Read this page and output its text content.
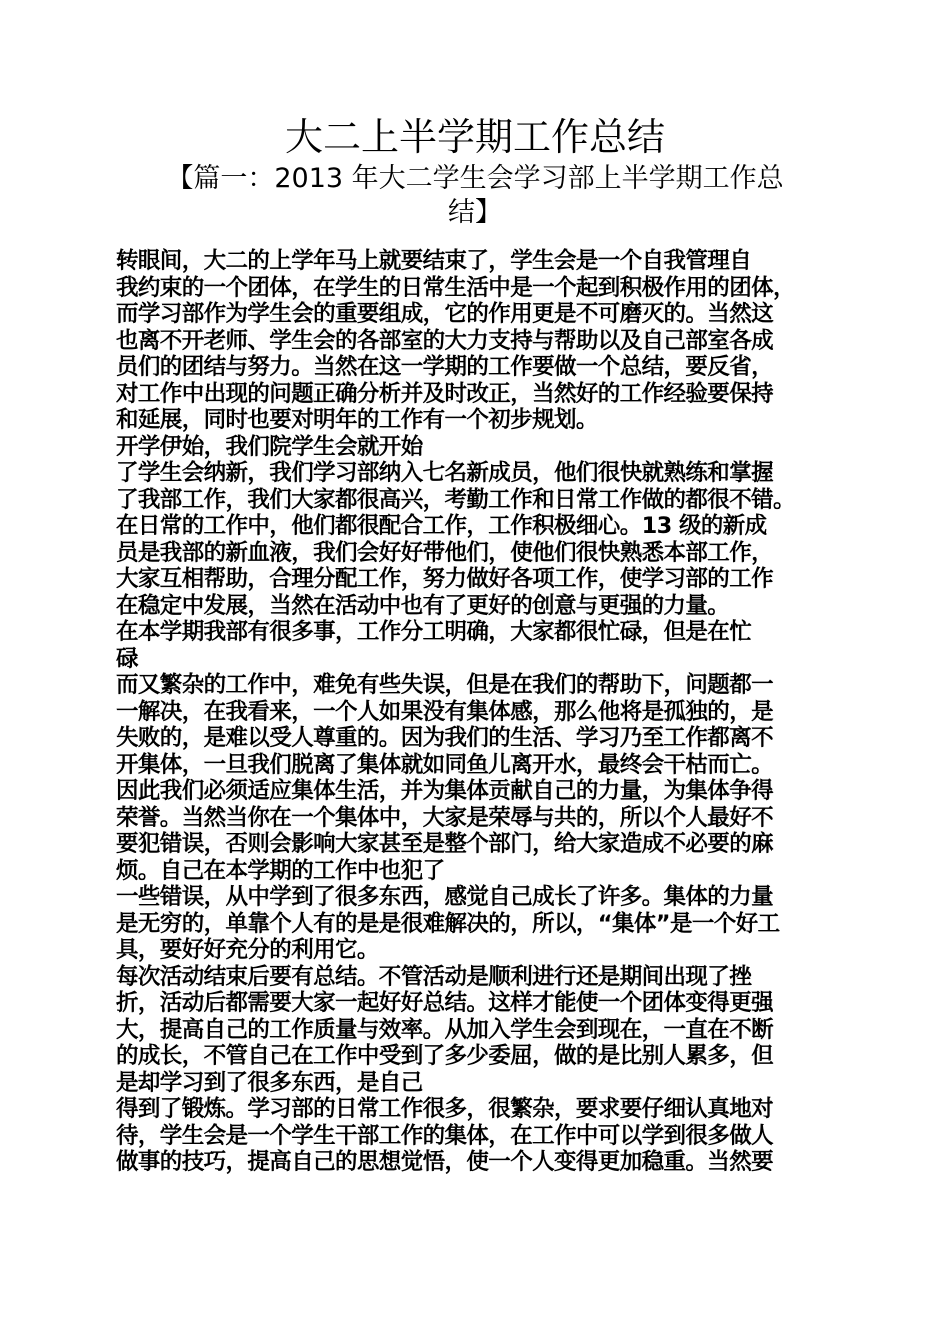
大二上半学期工作总结
【篇一：2013 年大二学生会学习部上半学期工作总
结】
转眼间，大二的上学年马上就要结束了，学生会是一个自我管理自
我约束的一个团体，在学生的日常生活中是一个起到积极作用的团体，
而学习部作为学生会的重要组成，它的作用更是不可磨灭的。当然这
也离不开老师、学生会的各部室的大力支持与帮助以及自己部室各成
员们的团结与努力。当然在这一学期的工作要做一个总结，要反省，
对工作中出现的问题正确分析并及时改正，当然好的工作经验要保持
和延展，同时也要对明年的工作有一个初步规划。
开学伊始，我们院学生会就开始
了学生会纳新，我们学习部纳入七名新成员，他们很快就熟练和掌握
了我部工作，我们大家都很高兴，考勤工作和日常工作做的都很不错。
在日常的工作中，他们都很配合工作，工作积极细心。13 级的新成
员是我部的新血液，我们会好好带他们，使他们很快熟悉本部工作，
大家互相帮助，合理分配工作，努力做好各项工作，使学习部的工作
在稳定中发展，当然在活动中也有了更好的创意与更强的力量。
在本学期我部有很多事，工作分工明确，大家都很忙碌，但是在忙
碌
而又繁杂的工作中，难免有些失误，但是在我们的帮助下，问题都一
一解决，在我看来，一个人如果没有集体感，那么他将是孤独的，是
失败的，是难以受人尊重的。因为我们的生活、学习乃至工作都离不
开集体，一旦我们脱离了集体就如同鱼儿离开水，最终会干枯而亡。
因此我们必须适应集体生活，并为集体贡献自己的力量，为集体争得
荣誉。当然当你在一个集体中，大家是荣辱与共的，所以个人最好不
要犯错误，否则会影响大家甚至是整个部门，给大家造成不必要的麻
烦。自己在本学期的工作中也犯了
一些错误，从中学到了很多东西，感觉自己成长了许多。集体的力量
是无穷的，单靠个人有的是是很难解决的，所以，“集体”是一个好工
具，要好好充分的利用它。
每次活动结束后要有总结。不管活动是顺利进行还是期间出现了挫
折，活动后都需要大家一起好好总结。这样才能使一个团体变得更强
大，提高自己的工作质量与效率。从加入学生会到现在，一直在不断
的成长，不管自己在工作中受到了多少委屈，做的是比别人累多，但
是却学习到了很多东西，是自己
得到了锻炼。学习部的日常工作很多，很繁杂，要求要仔细认真地对
待，学生会是一个学生干部工作的集体，在工作中可以学到很多做人
做事的技巧，提高自己的思想觉悟，使一个人变得更加稳重。当然要
